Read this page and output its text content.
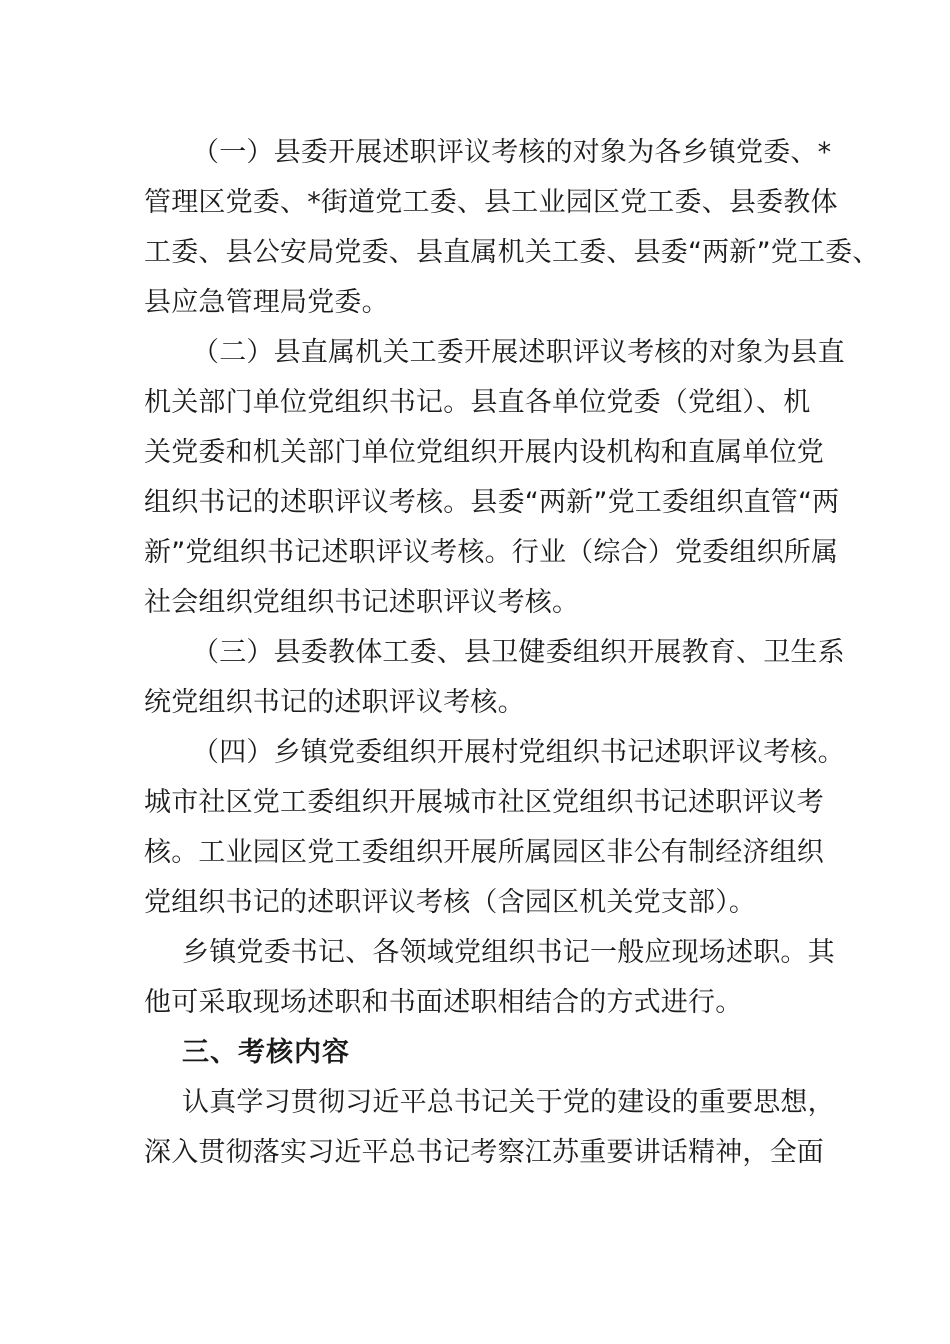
（一）县委开展述职评议考核的对象为各乡镇党委、*
管理区党委、*街道党工委、县工业园区党工委、县委教体
工委、县公安局党委、县直属机关工委、县委“两新”党工委、
县应急管理局党委。
（二）县直属机关工委开展述职评议考核的对象为县直
机关部门单位党组织书记。县直各单位党委（党组）、机
关党委和机关部门单位党组织开展内设机构和直属单位党
组织书记的述职评议考核。县委“两新”党工委组织直管“两
新”党组织书记述职评议考核。行业（综合）党委组织所属
社会组织党组织书记述职评议考核。
（三）县委教体工委、县卫健委组织开展教育、卫生系
统党组织书记的述职评议考核。
（四）乡镇党委组织开展村党组织书记述职评议考核。
城市社区党工委组织开展城市社区党组织书记述职评议考
核。工业园区党工委组织开展所属园区非公有制经济组织
党组织书记的述职评议考核（含园区机关党支部）。
乡镇党委书记、各领域党组织书记一般应现场述职。其
他可采取现场述职和书面述职相结合的方式进行。
三、考核内容
认真学习贯彻习近平总书记关于党的建设的重要思想，
深入贯彻落实习近平总书记考察江苏重要讲话精神，全面
